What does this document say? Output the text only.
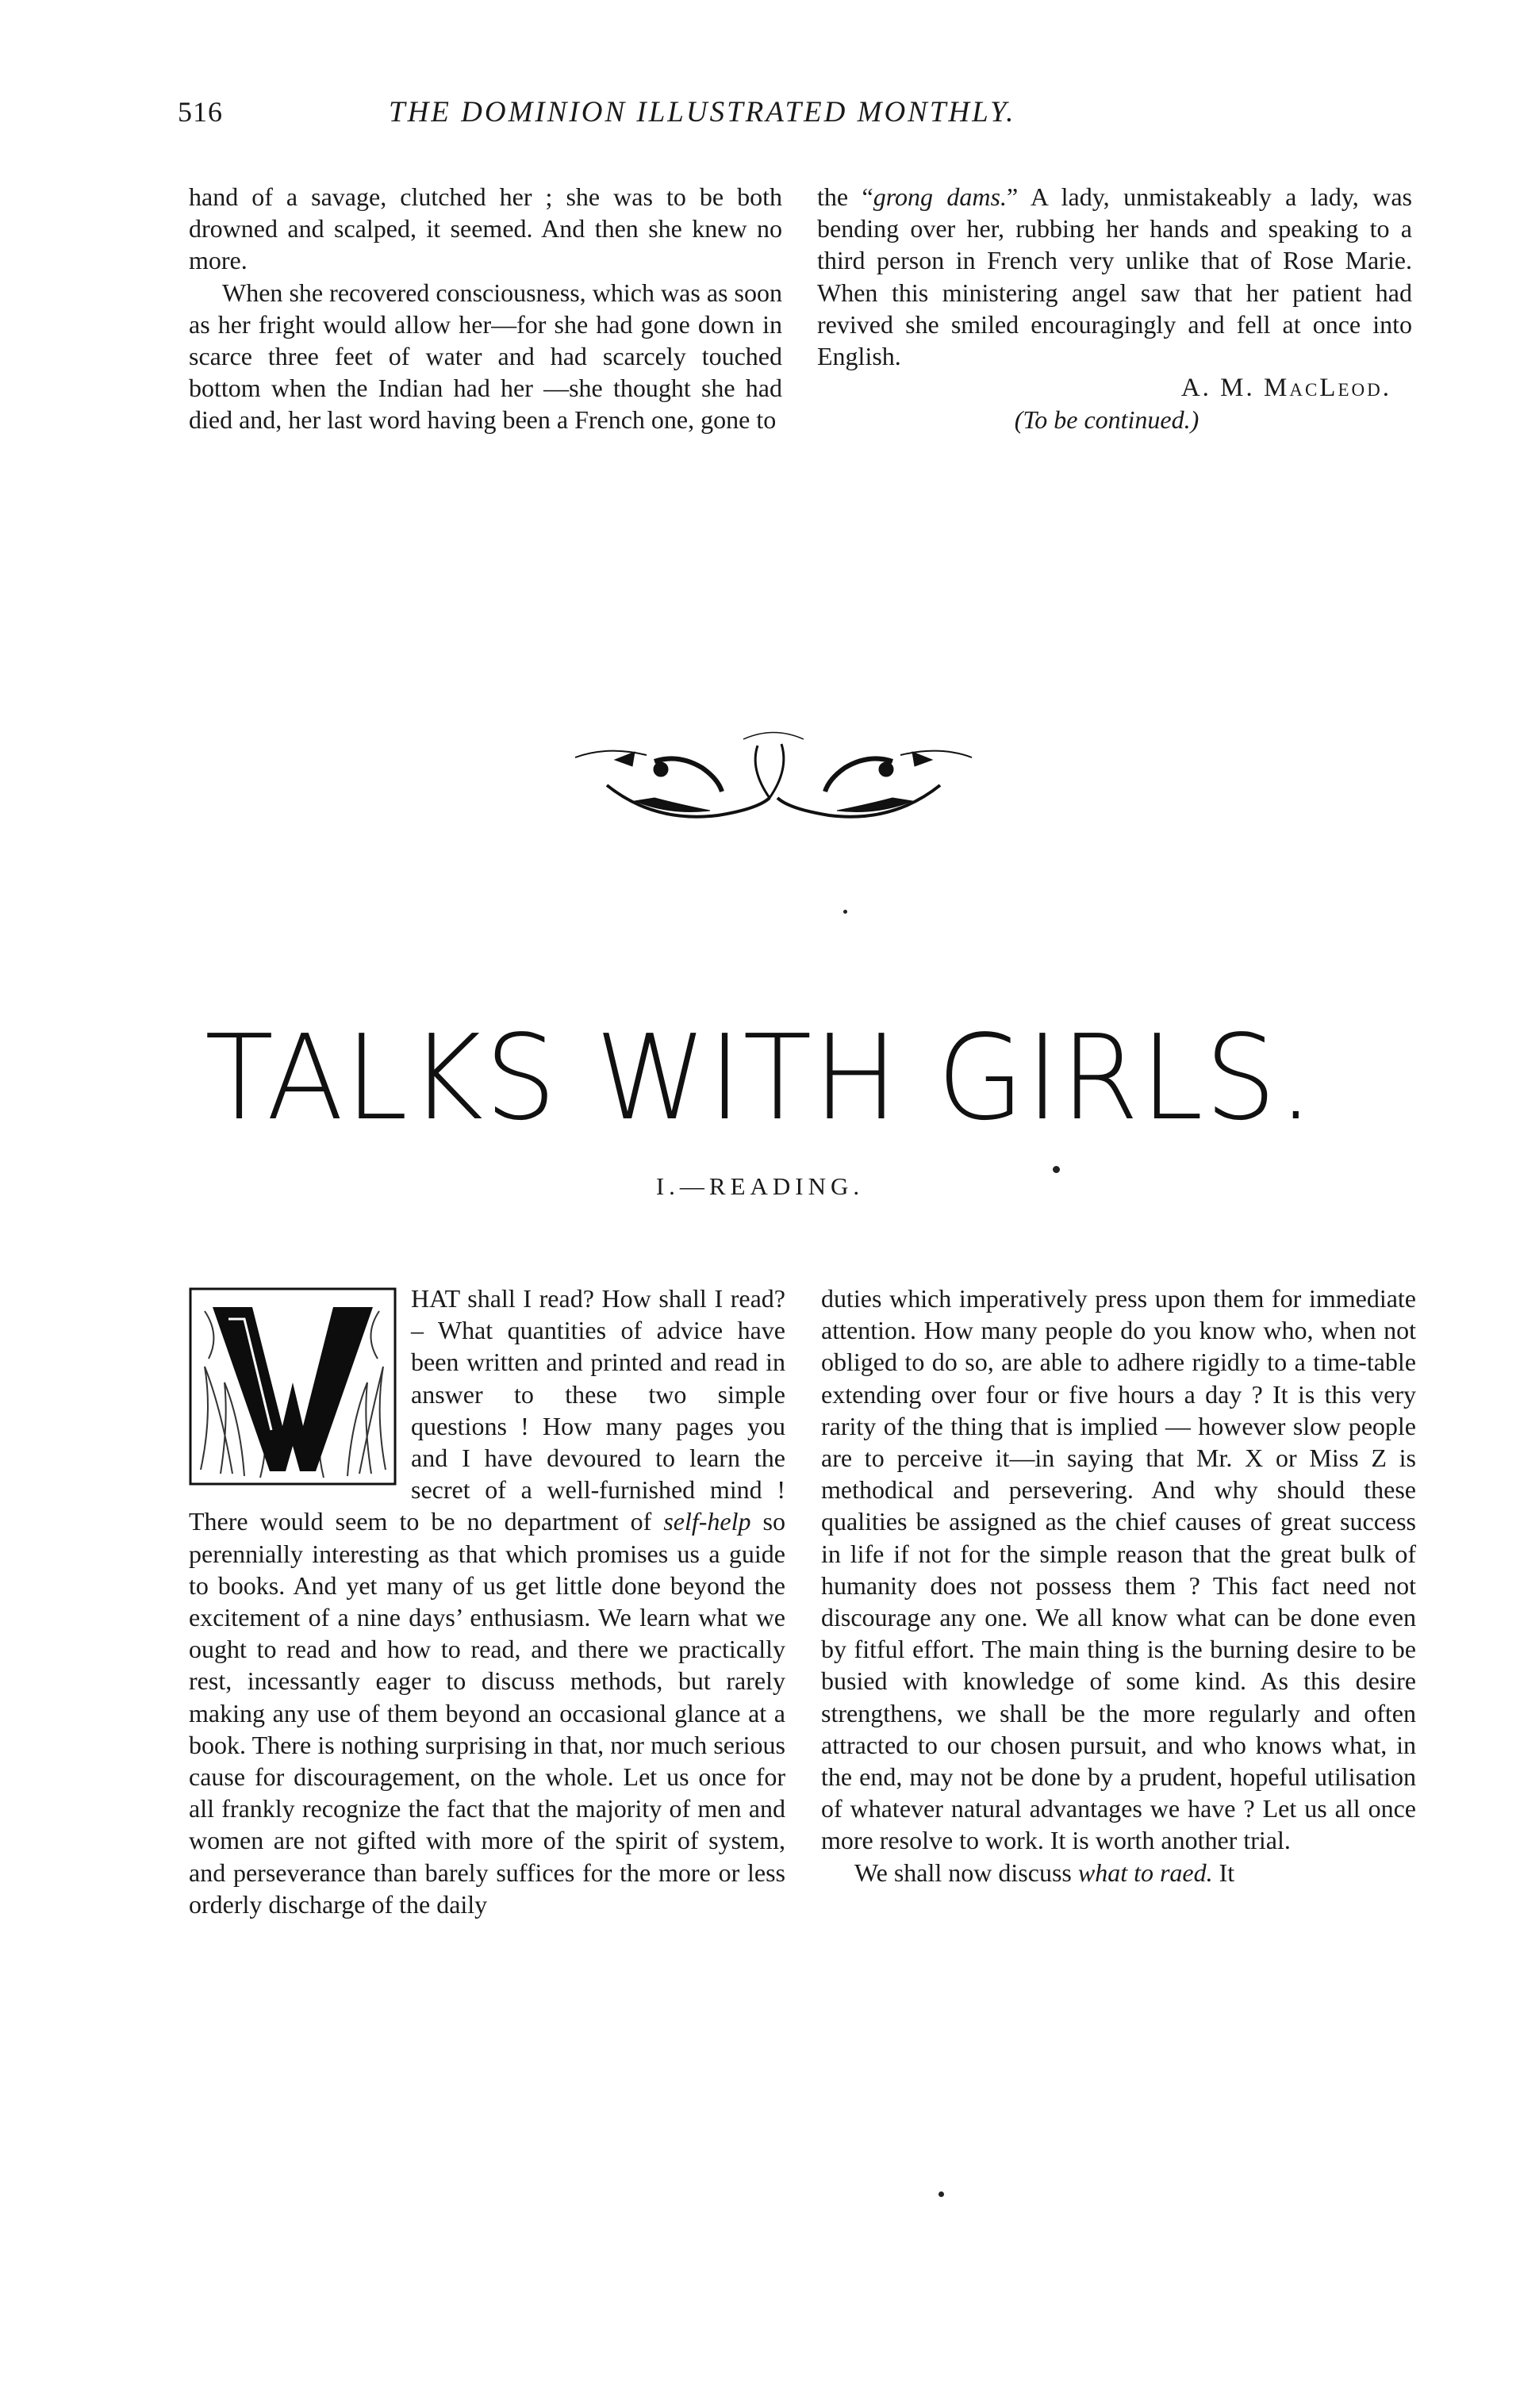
516	THE DOMINION ILLUSTRATED MONTHLY.

hand of a savage, clutched her ; she was to be both drowned and scalped, it seemed. And then she knew no more.

When she recovered consciousness, which was as soon as her fright would allow her—for she had gone down in scarce three feet of water and had scarcely touched bottom when the Indian had her —she thought she had died and, her last word having been a French one, gone to

the “grong dams.” A lady, unmistakeably a lady, was bending over her, rubbing her hands and speaking to a third person in French very unlike that of Rose Marie. When this ministering angel saw that her patient had revived she smiled encouragingly and fell at once into English.

A. M. MacLeod.

(To be continued.)

TALKS WITH GIRLS.
I.—READING.

HAT shall I read? How shall I read? – What quantities of advice have been written and printed and read in answer to these two simple questions ! How many pages you and I have devoured to learn the secret of a well-furnished mind ! There would seem to be no department of self-help so perennially interesting as that which promises us a guide to books. And yet many of us get little done beyond the excitement of a nine days’ enthusiasm. We learn what we ought to read and how to read, and there we practically rest, incessantly eager to discuss methods, but rarely making any use of them beyond an occasional glance at a book. There is nothing surprising in that, nor much serious cause for discouragement, on the whole. Let us once for all frankly recognize the fact that the majority of men and women are not gifted with more of the spirit of system, and perseverance than barely suffices for the more or less orderly discharge of the daily

duties which imperatively press upon them for immediate attention. How many people do you know who, when not obliged to do so, are able to adhere rigidly to a time-table extending over four or five hours a day ? It is this very rarity of the thing that is implied — however slow people are to perceive it—in saying that Mr. X or Miss Z is methodical and persevering. And why should these qualities be assigned as the chief causes of great success in life if not for the simple reason that the great bulk of humanity does not possess them ? This fact need not discourage any one. We all know what can be done even by fitful effort. The main thing is the burning desire to be busied with knowledge of some kind. As this desire strengthens, we shall be the more regularly and often attracted to our chosen pursuit, and who knows what, in the end, may not be done by a prudent, hopeful utilisation of whatever natural advantages we have ? Let us all once more resolve to work. It is worth another trial.

We shall now discuss what to raed. It
